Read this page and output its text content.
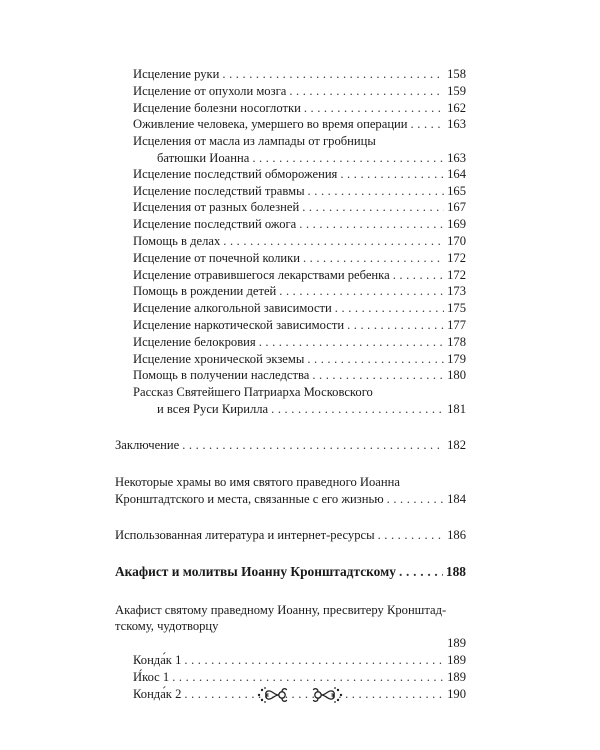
Исцеление руки . . .	158
Исцеление от опухоли мозга . . .	159
Исцеление болезни носоглотки . . .	162
Оживление человека, умершего во время операции . . .	163
Исцеления от масла из лампады от гробницы
батюшки Иоанна . . .	163
Исцеление последствий обморожения . . .	164
Исцеление последствий травмы . . .	165
Исцеления от разных болезней . . .	167
Исцеление последствий ожога . . .	169
Помощь в делах . . .	170
Исцеление от почечной колики . . .	172
Исцеление отравившегося лекарствами ребенка . . .	172
Помощь в рождении детей . . .	173
Исцеление алкогольной зависимости . . .	175
Исцеление наркотической зависимости . . .	177
Исцеление белокровия . . .	178
Исцеление хронической экземы . . .	179
Помощь в получении наследства . . .	180
Рассказ Святейшего Патриарха Московского
и всея Руси Кирилла . . .	181
Заключение . . .	182
Некоторые храмы во имя святого праведного Иоанна
Кронштадтского и места, связанные с его жизнью . . .	184
Использованная литература и интернет-ресурсы . . .	186
Акафист и молитвы Иоанну Кронштадтскому . . .	188
Акафист святому праведному Иоанну, пресвитеру Кронштад-
тскому, чудотворцу
189
Конда́к 1 . . .	189
И́кос 1 . . .	189
Конда́к 2 . . .	190
